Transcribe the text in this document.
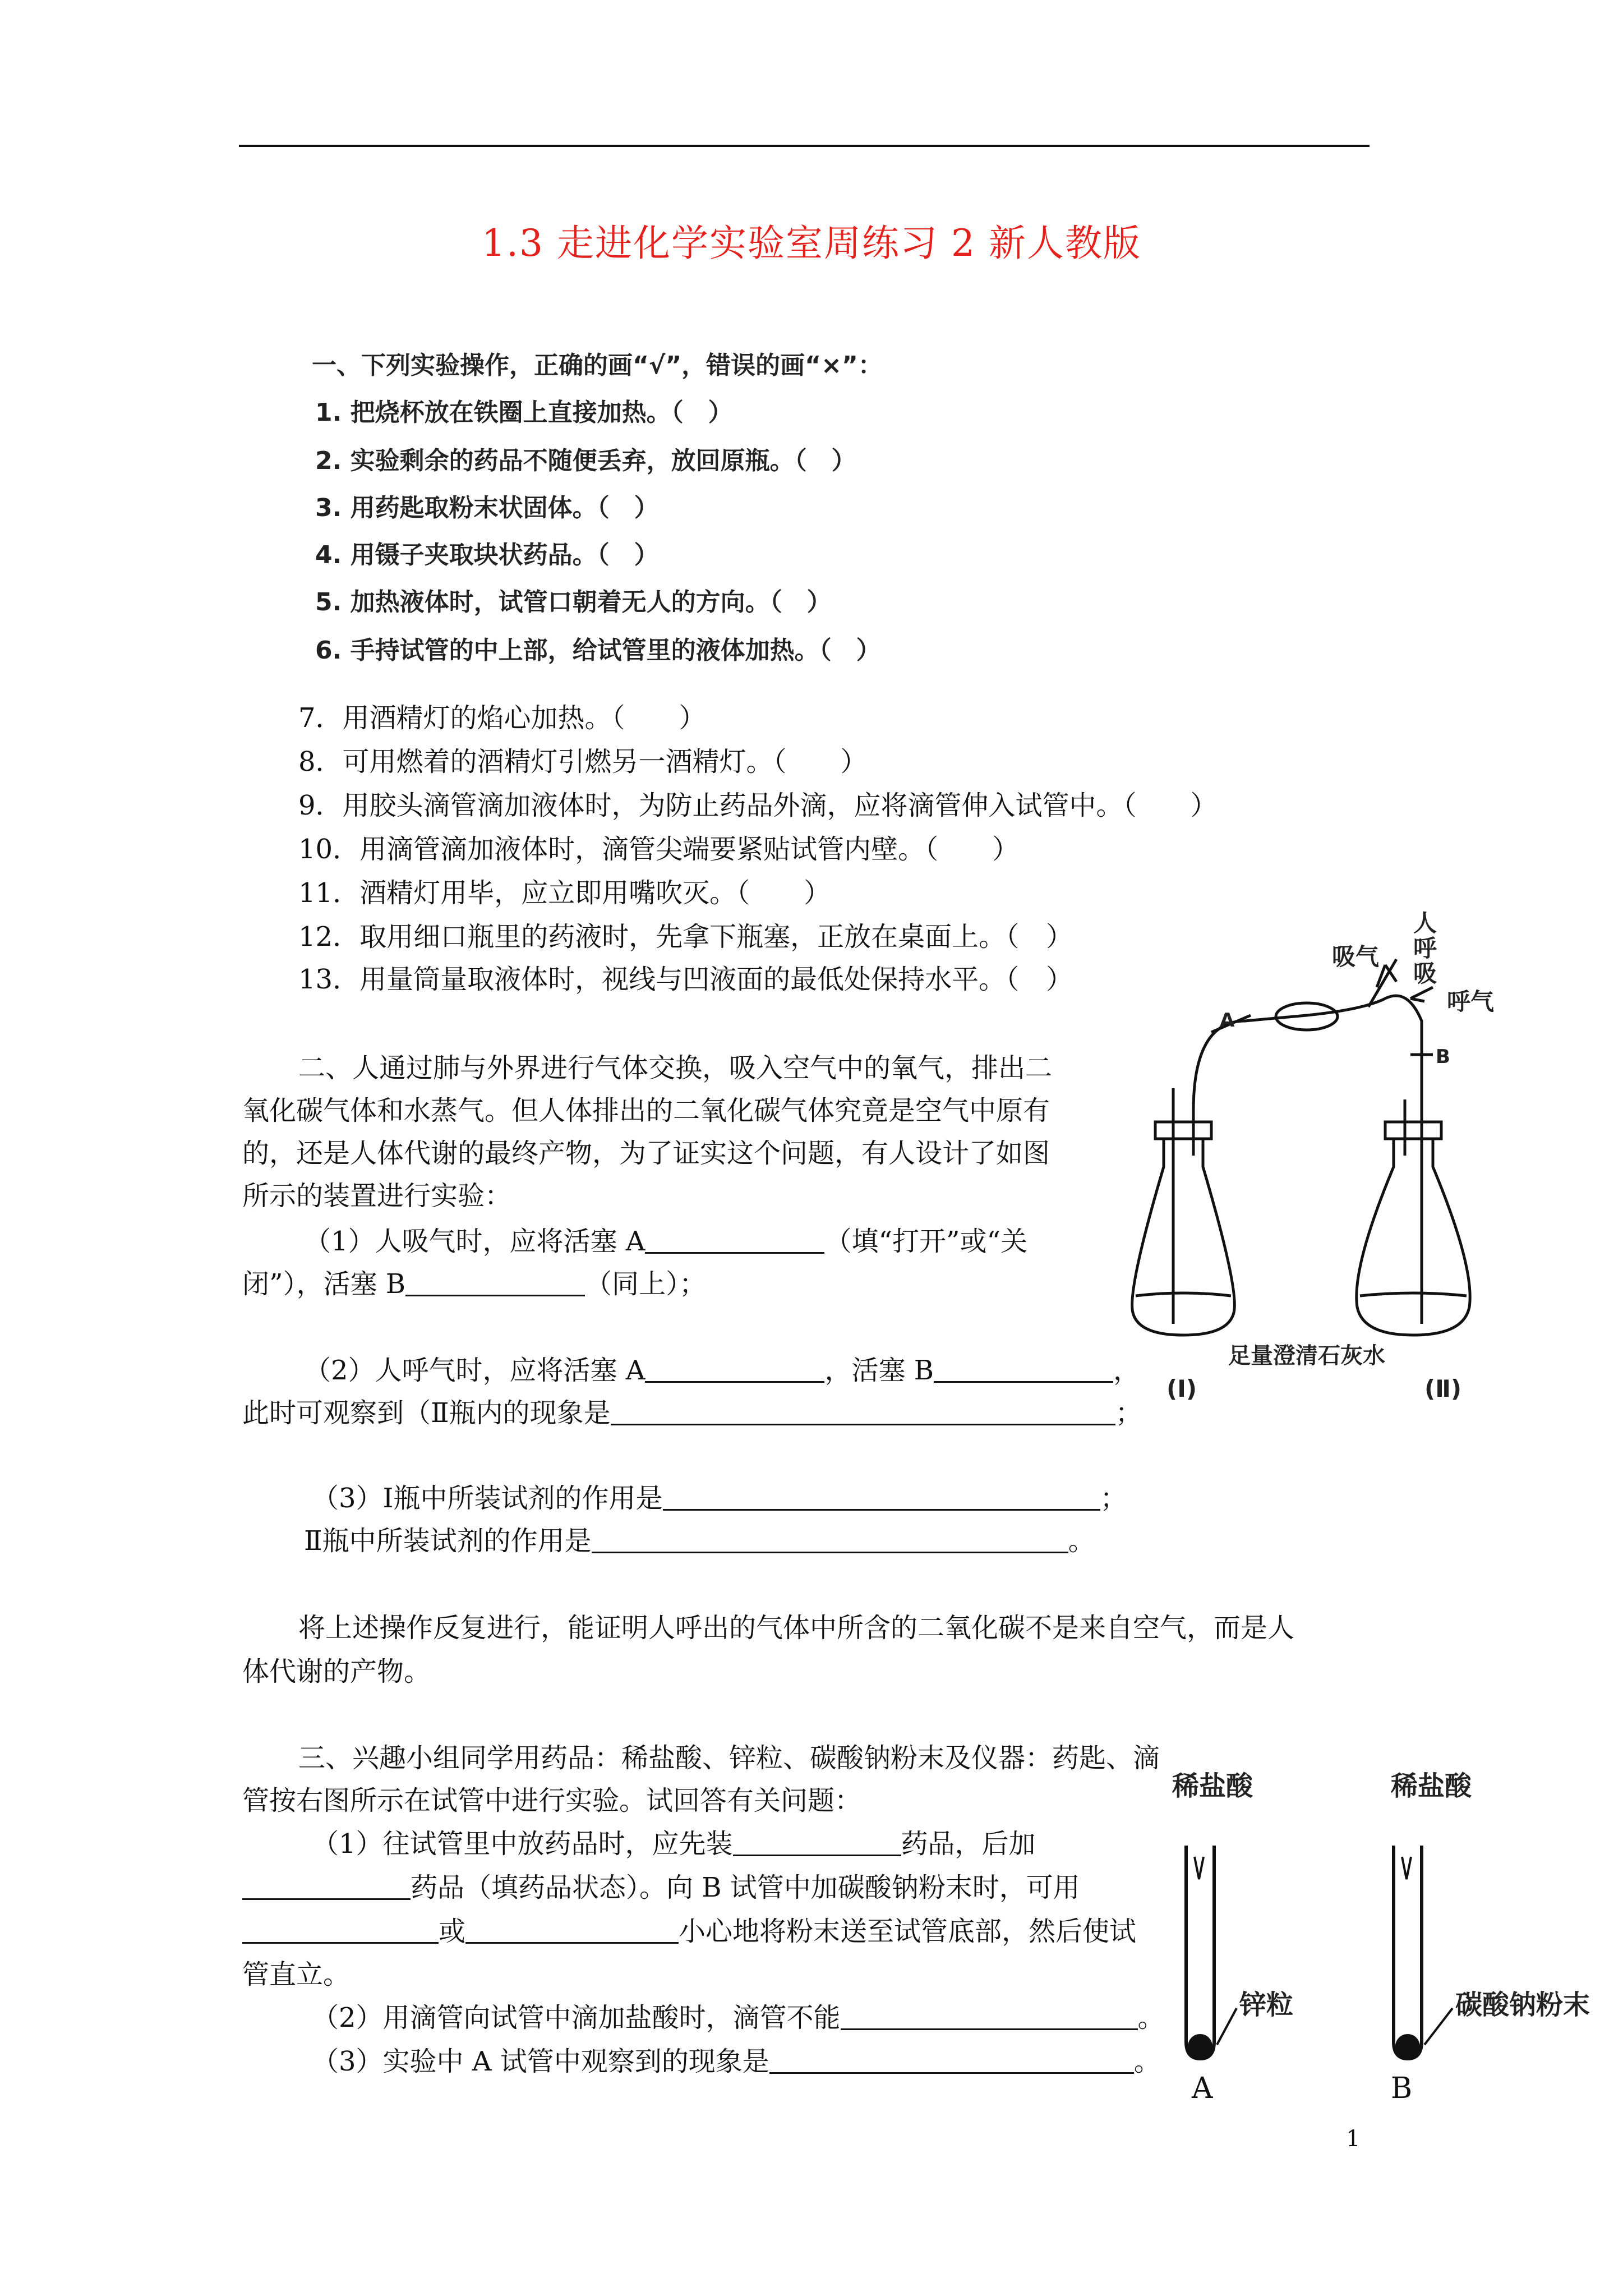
1.3 走进化学实验室周练习 2 新人教版
一、下列实验操作，正确的画“√”，错误的画“×”：
1. 把烧杯放在铁圈上直接加热。（　）
2. 实验剩余的药品不随便丢弃，放回原瓶。（　）
3. 用药匙取粉末状固体。（　）
4. 用镊子夹取块状药品。（　）
5. 加热液体时，试管口朝着无人的方向。（　）
6. 手持试管的中上部，给试管里的液体加热。（　）
7．用酒精灯的焰心加热。（　　）
8．可用燃着的酒精灯引燃另一酒精灯。（　　）
9．用胶头滴管滴加液体时，为防止药品外滴，应将滴管伸入试管中。（　　）
10．用滴管滴加液体时，滴管尖端要紧贴试管内壁。（　　）
11．酒精灯用毕，应立即用嘴吹灭。（　　）
12．取用细口瓶里的药液时，先拿下瓶塞，正放在桌面上。（　）
13．用量筒量取液体时，视线与凹液面的最低处保持水平。（　）
二、人通过肺与外界进行气体交换，吸入空气中的氧气，排出二
氧化碳气体和水蒸气。但人体排出的二氧化碳气体究竟是空气中原有
的，还是人体代谢的最终产物，为了证实这个问题，有人设计了如图
所示的装置进行实验：
（1）人吸气时，应将活塞 A	（填“打开”或“关
闭”），活塞 B	（同上）；
（2）人呼气时，应将活塞 A	，活塞 B	，
此时可观察到（Ⅱ瓶内的现象是	；
（3）Ⅰ瓶中所装试剂的作用是	；
Ⅱ瓶中所装试剂的作用是	。
将上述操作反复进行，能证明人呼出的气体中所含的二氧化碳不是来自空气，而是人
体代谢的产物。
三、兴趣小组同学用药品：稀盐酸、锌粒、碳酸钠粉末及仪器：药匙、滴
管按右图所示在试管中进行实验。试回答有关问题：
（1）往试管里中放药品时，应先装	药品，后加
药品（填药品状态）。向 B 试管中加碳酸钠粉末时，可用
或	小心地将粉末送至试管底部，然后使试
管直立。
（2）用滴管向试管中滴加盐酸时，滴管不能	。
（3）实验中 A 试管中观察到的现象是	。
人
呼
吸
吸气
呼气
A
B
足量澄清石灰水
(Ⅰ)	(Ⅱ)
稀盐酸	稀盐酸
锌粒	碳酸钠粉末
A	B
1
